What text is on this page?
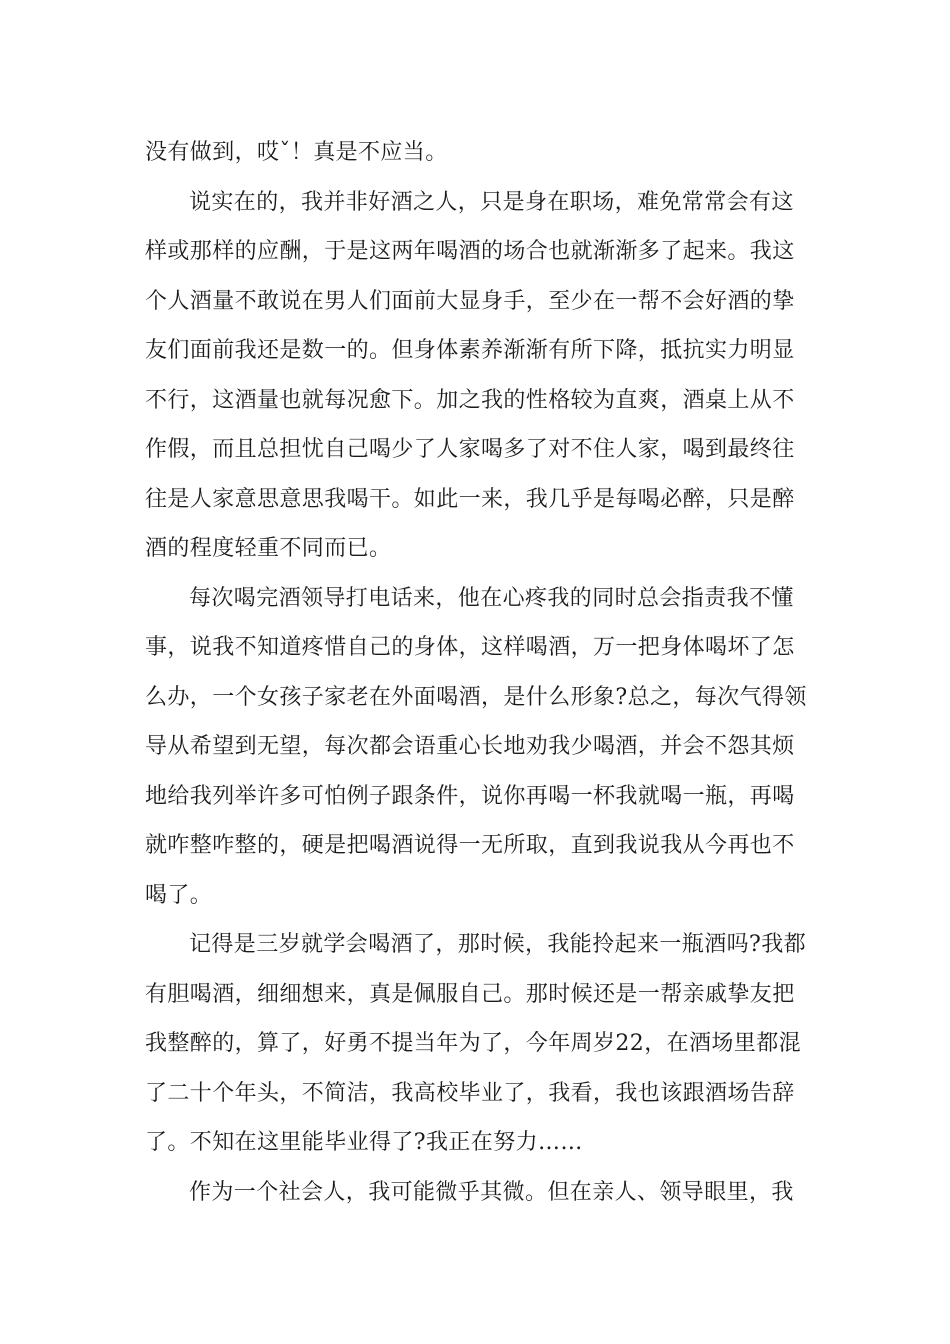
没有做到，哎ˇ！真是不应当。
说实在的，我并非好酒之人，只是身在职场，难免常常会有这
样或那样的应酬，于是这两年喝酒的场合也就渐渐多了起来。我这
个人酒量不敢说在男人们面前大显身手，至少在一帮不会好酒的挚
友们面前我还是数一的。但身体素养渐渐有所下降，抵抗实力明显
不行，这酒量也就每况愈下。加之我的性格较为直爽，酒桌上从不
作假，而且总担忧自己喝少了人家喝多了对不住人家，喝到最终往
往是人家意思意思我喝干。如此一来，我几乎是每喝必醉，只是醉
酒的程度轻重不同而已。
每次喝完酒领导打电话来，他在心疼我的同时总会指责我不懂
事，说我不知道疼惜自己的身体，这样喝酒，万一把身体喝坏了怎
么办，一个女孩子家老在外面喝酒，是什么形象?总之，每次气得领
导从希望到无望，每次都会语重心长地劝我少喝酒，并会不怨其烦
地给我列举许多可怕例子跟条件，说你再喝一杯我就喝一瓶，再喝
就咋整咋整的，硬是把喝酒说得一无所取，直到我说我从今再也不
喝了。
记得是三岁就学会喝酒了，那时候，我能拎起来一瓶酒吗?我都
有胆喝酒，细细想来，真是佩服自己。那时候还是一帮亲戚挚友把
我整醉的，算了，好勇不提当年为了，今年周岁22，在酒场里都混
了二十个年头，不简洁，我高校毕业了，我看，我也该跟酒场告辞
了。不知在这里能毕业得了?我正在努力……
作为一个社会人，我可能微乎其微。但在亲人、领导眼里，我
